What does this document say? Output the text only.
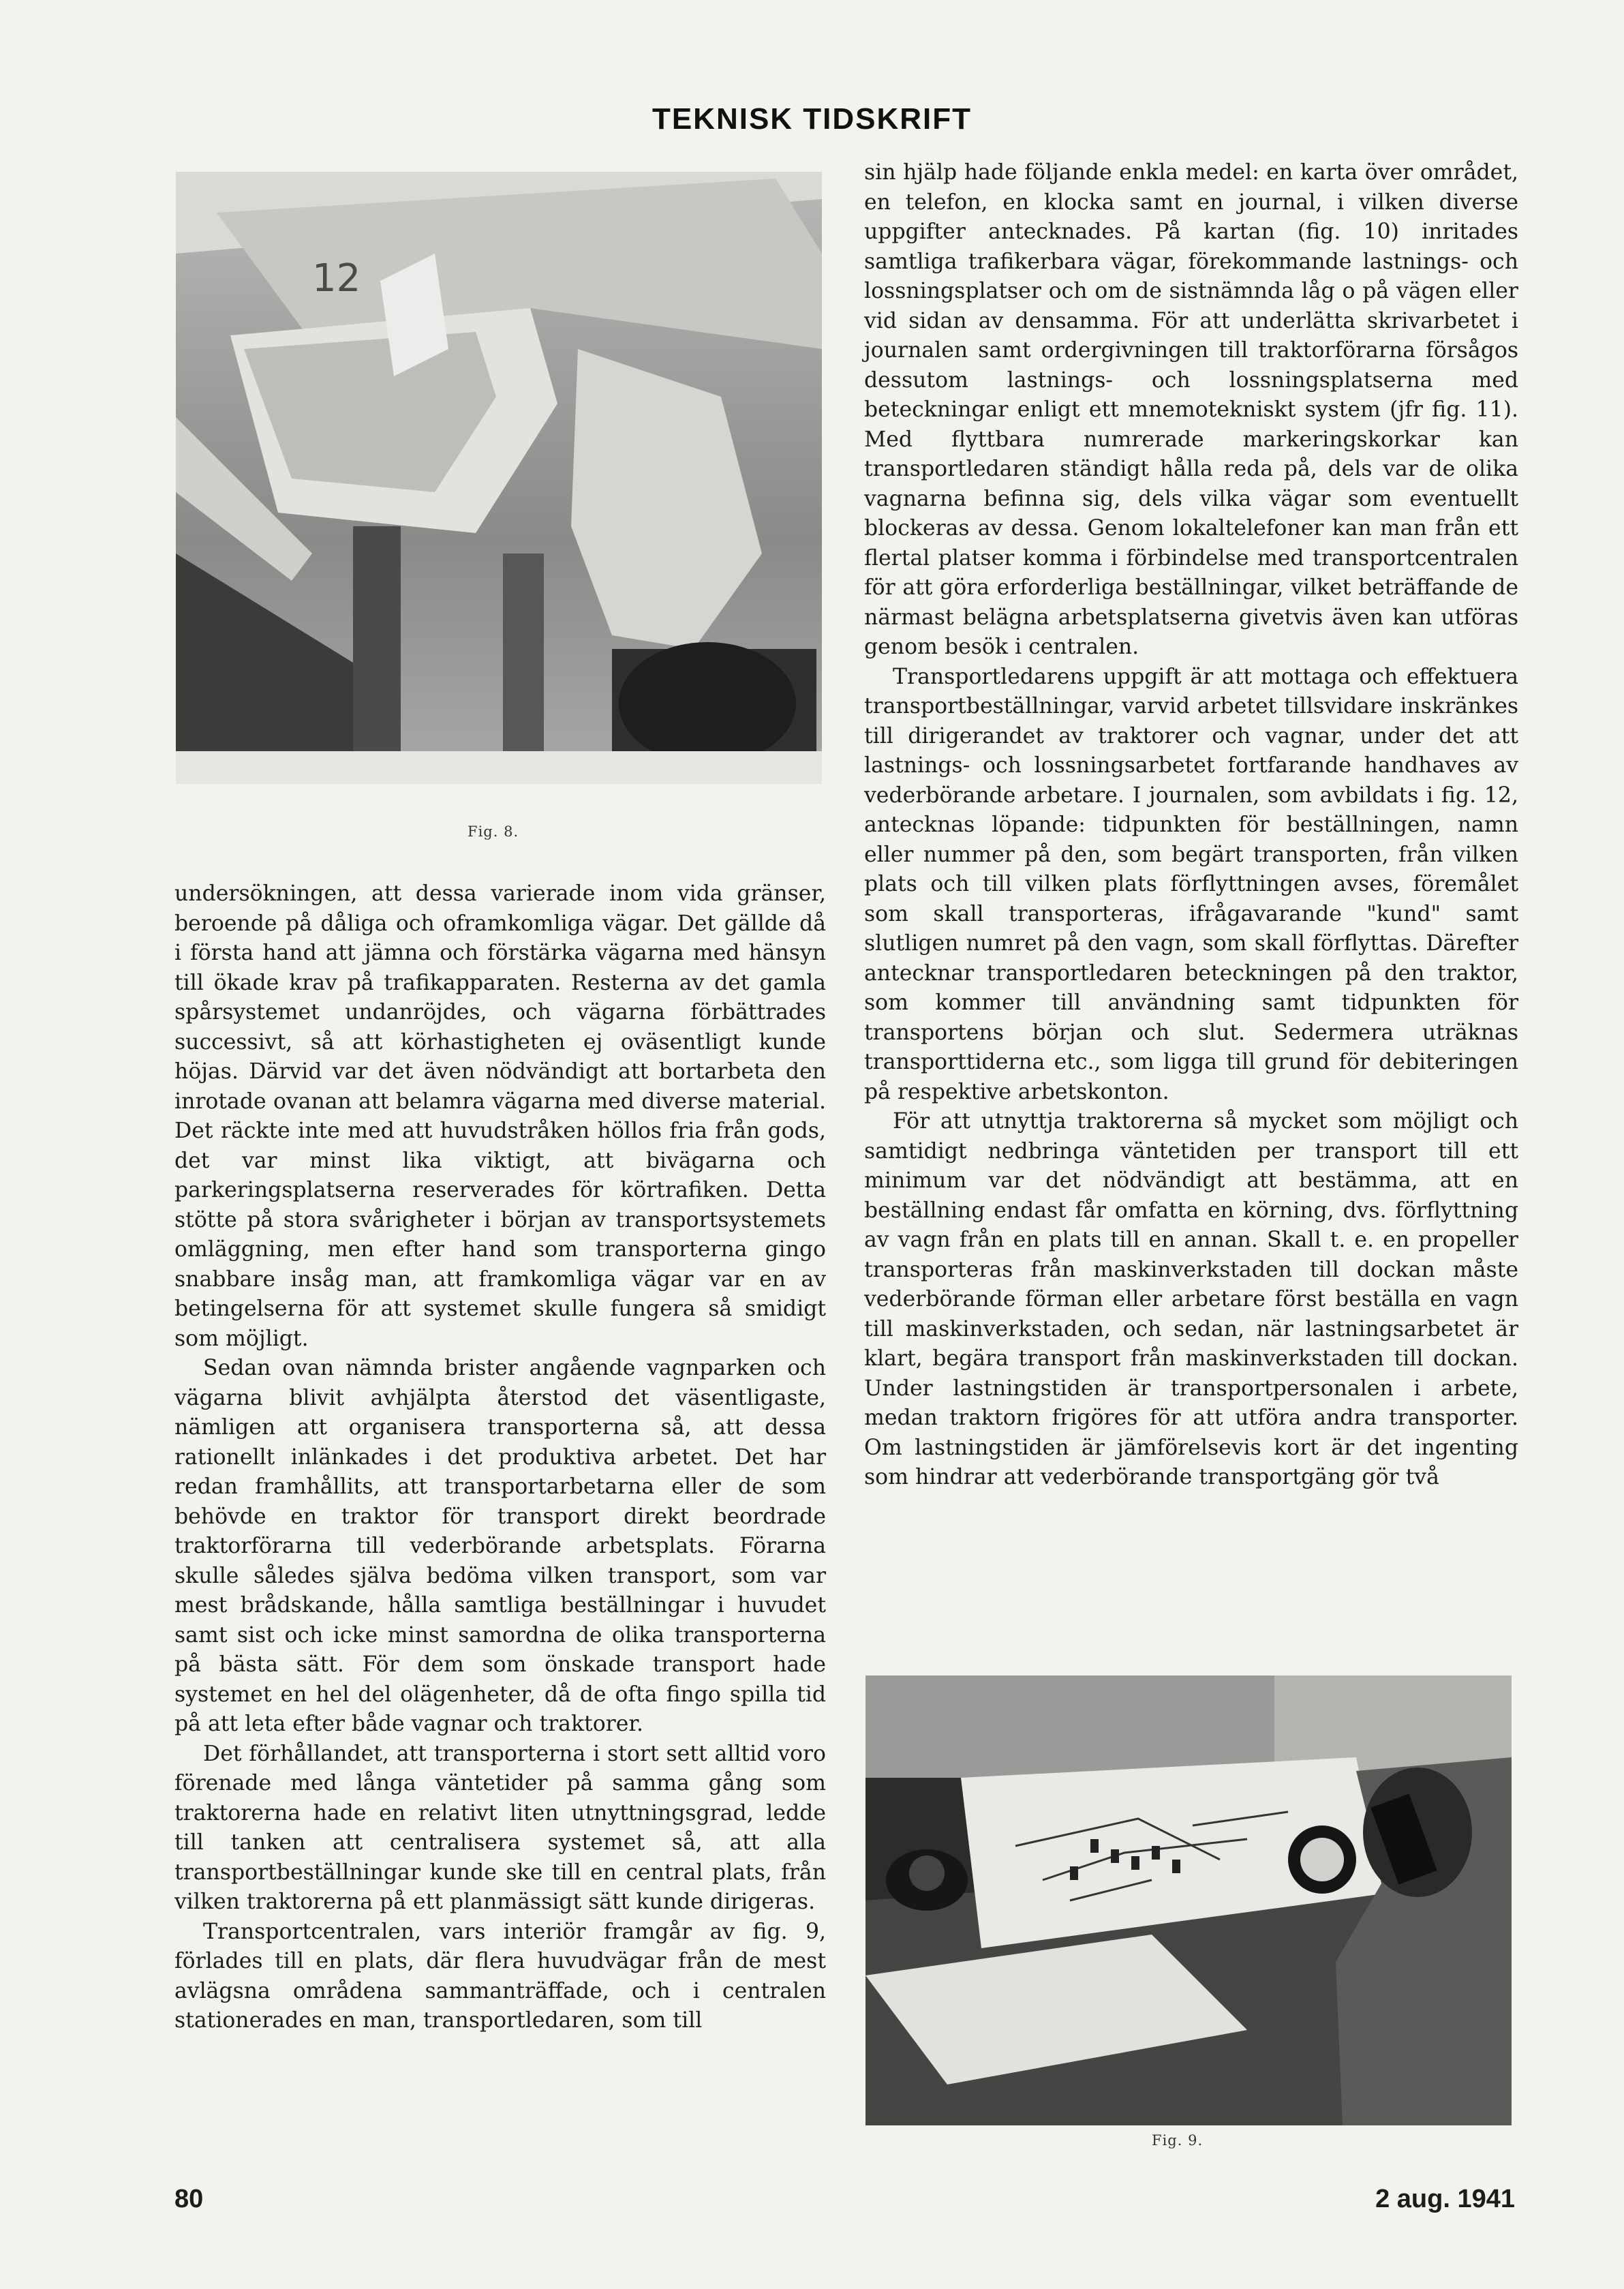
TEKNISK TIDSKRIFT
12
Fig. 8.

undersökningen, att dessa varierade inom vida gränser, beroende på dåliga och oframkomliga vägar. Det gällde då i första hand att jämna och förstärka vägarna med hänsyn till ökade krav på trafikapparaten. Resterna av det gamla spårsystemet undanröjdes, och vägarna förbättrades successivt, så att körhastigheten ej oväsentligt kunde höjas. Därvid var det även nödvändigt att bortarbeta den inrotade ovanan att belamra vägarna med diverse material. Det räckte inte med att huvudstråken höllos fria från gods, det var minst lika viktigt, att bivägarna och parkeringsplatserna reserverades för körtrafiken. Detta stötte på stora svårigheter i början av transportsystemets omläggning, men efter hand som transporterna gingo snabbare insåg man, att framkomliga vägar var en av betingelserna för att systemet skulle fungera så smidigt som möjligt.

Sedan ovan nämnda brister angående vagnparken och vägarna blivit avhjälpta återstod det väsentligaste, nämligen att organisera transporterna så, att dessa rationellt inlänkades i det produktiva arbetet. Det har redan framhållits, att transportarbetarna eller de som behövde en traktor för transport direkt beordrade traktorförarna till vederbörande arbetsplats. Förarna skulle således själva bedöma vilken transport, som var mest brådskande, hålla samtliga beställningar i huvudet samt sist och icke minst samordna de olika transporterna på bästa sätt. För dem som önskade transport hade systemet en hel del olägenheter, då de ofta fingo spilla tid på att leta efter både vagnar och traktorer.

Det förhållandet, att transporterna i stort sett alltid voro förenade med långa väntetider på samma gång som traktorerna hade en relativt liten utnyttningsgrad, ledde till tanken att centralisera systemet så, att alla transportbeställningar kunde ske till en central plats, från vilken traktorerna på ett planmässigt sätt kunde dirigeras.

Transportcentralen, vars interiör framgår av fig. 9, förlades till en plats, där flera huvudvägar från de mest avlägsna områdena sammanträffade, och i centralen stationerades en man, transportledaren, som till

sin hjälp hade följande enkla medel: en karta över området, en telefon, en klocka samt en journal, i vilken diverse uppgifter antecknades. På kartan (fig. 10) inritades samtliga trafikerbara vägar, förekommande lastnings- och lossningsplatser och om de sistnämnda låg o på vägen eller vid sidan av densamma. För att underlätta skrivarbetet i journalen samt ordergivningen till traktorförarna försågos dessutom lastnings- och lossningsplatserna med beteckningar enligt ett mnemotekniskt system (jfr fig. 11). Med flyttbara numrerade markeringskorkar kan transportledaren ständigt hålla reda på, dels var de olika vagnarna befinna sig, dels vilka vägar som eventuellt blockeras av dessa. Genom lokaltelefoner kan man från ett flertal platser komma i förbindelse med transportcentralen för att göra erforderliga beställningar, vilket beträffande de närmast belägna arbetsplatserna givetvis även kan utföras genom besök i centralen.

Transportledarens uppgift är att mottaga och effektuera transportbeställningar, varvid arbetet tillsvidare inskränkes till dirigerandet av traktorer och vagnar, under det att lastnings- och lossningsarbetet fortfarande handhaves av vederbörande arbetare. I journalen, som avbildats i fig. 12, antecknas löpande: tidpunkten för beställningen, namn eller nummer på den, som begärt transporten, från vilken plats och till vilken plats förflyttningen avses, föremålet som skall transporteras, ifrågavarande "kund" samt slutligen numret på den vagn, som skall förflyttas. Därefter antecknar transportledaren beteckningen på den traktor, som kommer till användning samt tidpunkten för transportens början och slut. Sedermera uträknas transporttiderna etc., som ligga till grund för debiteringen på respektive arbetskonton.

För att utnyttja traktorerna så mycket som möjligt och samtidigt nedbringa väntetiden per transport till ett minimum var det nödvändigt att bestämma, att en beställning endast får omfatta en körning, dvs. förflyttning av vagn från en plats till en annan. Skall t. e. en propeller transporteras från maskinverkstaden till dockan måste vederbörande förman eller arbetare först beställa en vagn till maskinverkstaden, och sedan, när lastningsarbetet är klart, begära transport från maskinverkstaden till dockan. Under lastningstiden är transportpersonalen i arbete, medan traktorn frigöres för att utföra andra transporter. Om lastningstiden är jämförelsevis kort är det ingenting som hindrar att vederbörande transportgäng gör två

Fig. 9.
80	2 aug. 1941
